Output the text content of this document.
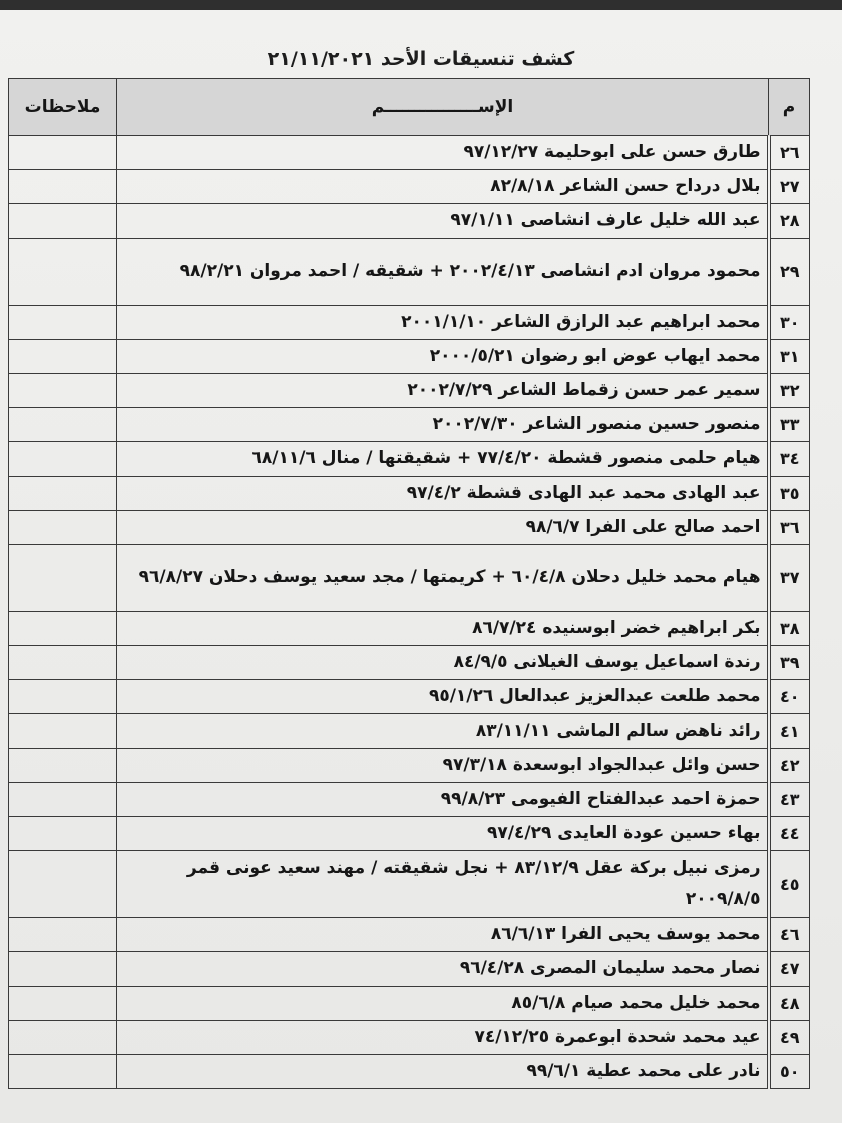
كشف تنسيقات الأحد ٢١/١١/٢٠٢١
م	الإســــــــــــــــم	ملاحظات
٢٦	طارق حسن على ابوحليمة ٩٧/١٢/٢٧	
٢٧	بلال درداح حسن الشاعر ٨٢/٨/١٨	
٢٨	عبد الله خليل عارف انشاصى ٩٧/١/١١	
٢٩	محمود مروان ادم انشاصى ٢٠٠٢/٤/١٣ + شقيقه / احمد مروان ٩٨/٢/٢١	
٣٠	محمد ابراهيم عبد الرازق الشاعر ٢٠٠١/١/١٠	
٣١	محمد ايهاب عوض ابو رضوان ٢٠٠٠/٥/٢١	
٣٢	سمير عمر حسن زقماط الشاعر ٢٠٠٢/٧/٢٩	
٣٣	منصور حسين منصور الشاعر ٢٠٠٢/٧/٣٠	
٣٤	هيام حلمى منصور قشطة ٧٧/٤/٢٠ + شقيقتها / منال ٦٨/١١/٦	
٣٥	عبد الهادى محمد عبد الهادى قشطة ٩٧/٤/٢	
٣٦	احمد صالح على الفرا ٩٨/٦/٧	
٣٧	هيام محمد خليل دحلان ٦٠/٤/٨ + كريمتها / مجد سعيد يوسف دحلان ٩٦/٨/٢٧	
٣٨	بكر ابراهيم خضر ابوسنيده ٨٦/٧/٢٤	
٣٩	رندة اسماعيل يوسف الغيلانى ٨٤/٩/٥	
٤٠	محمد طلعت عبدالعزيز عبدالعال ٩٥/١/٢٦	
٤١	رائد ناهض سالم الماشى ٨٣/١١/١١	
٤٢	حسن وائل عبدالجواد ابوسعدة ٩٧/٣/١٨	
٤٣	حمزة احمد عبدالفتاح الفيومى ٩٩/٨/٢٣	
٤٤	بهاء حسين عودة العايدى ٩٧/٤/٢٩	
٤٥	رمزى نبيل بركة عقل ٨٣/١٢/٩ + نجل شقيقته / مهند سعيد عونى قمر ٢٠٠٩/٨/٥	
٤٦	محمد يوسف يحيى الفرا ٨٦/٦/١٣	
٤٧	نصار محمد سليمان المصرى ٩٦/٤/٢٨	
٤٨	محمد خليل محمد صيام ٨٥/٦/٨	
٤٩	عيد محمد شحدة ابوعمرة ٧٤/١٢/٢٥	
٥٠	نادر على محمد عطية ٩٩/٦/١	
